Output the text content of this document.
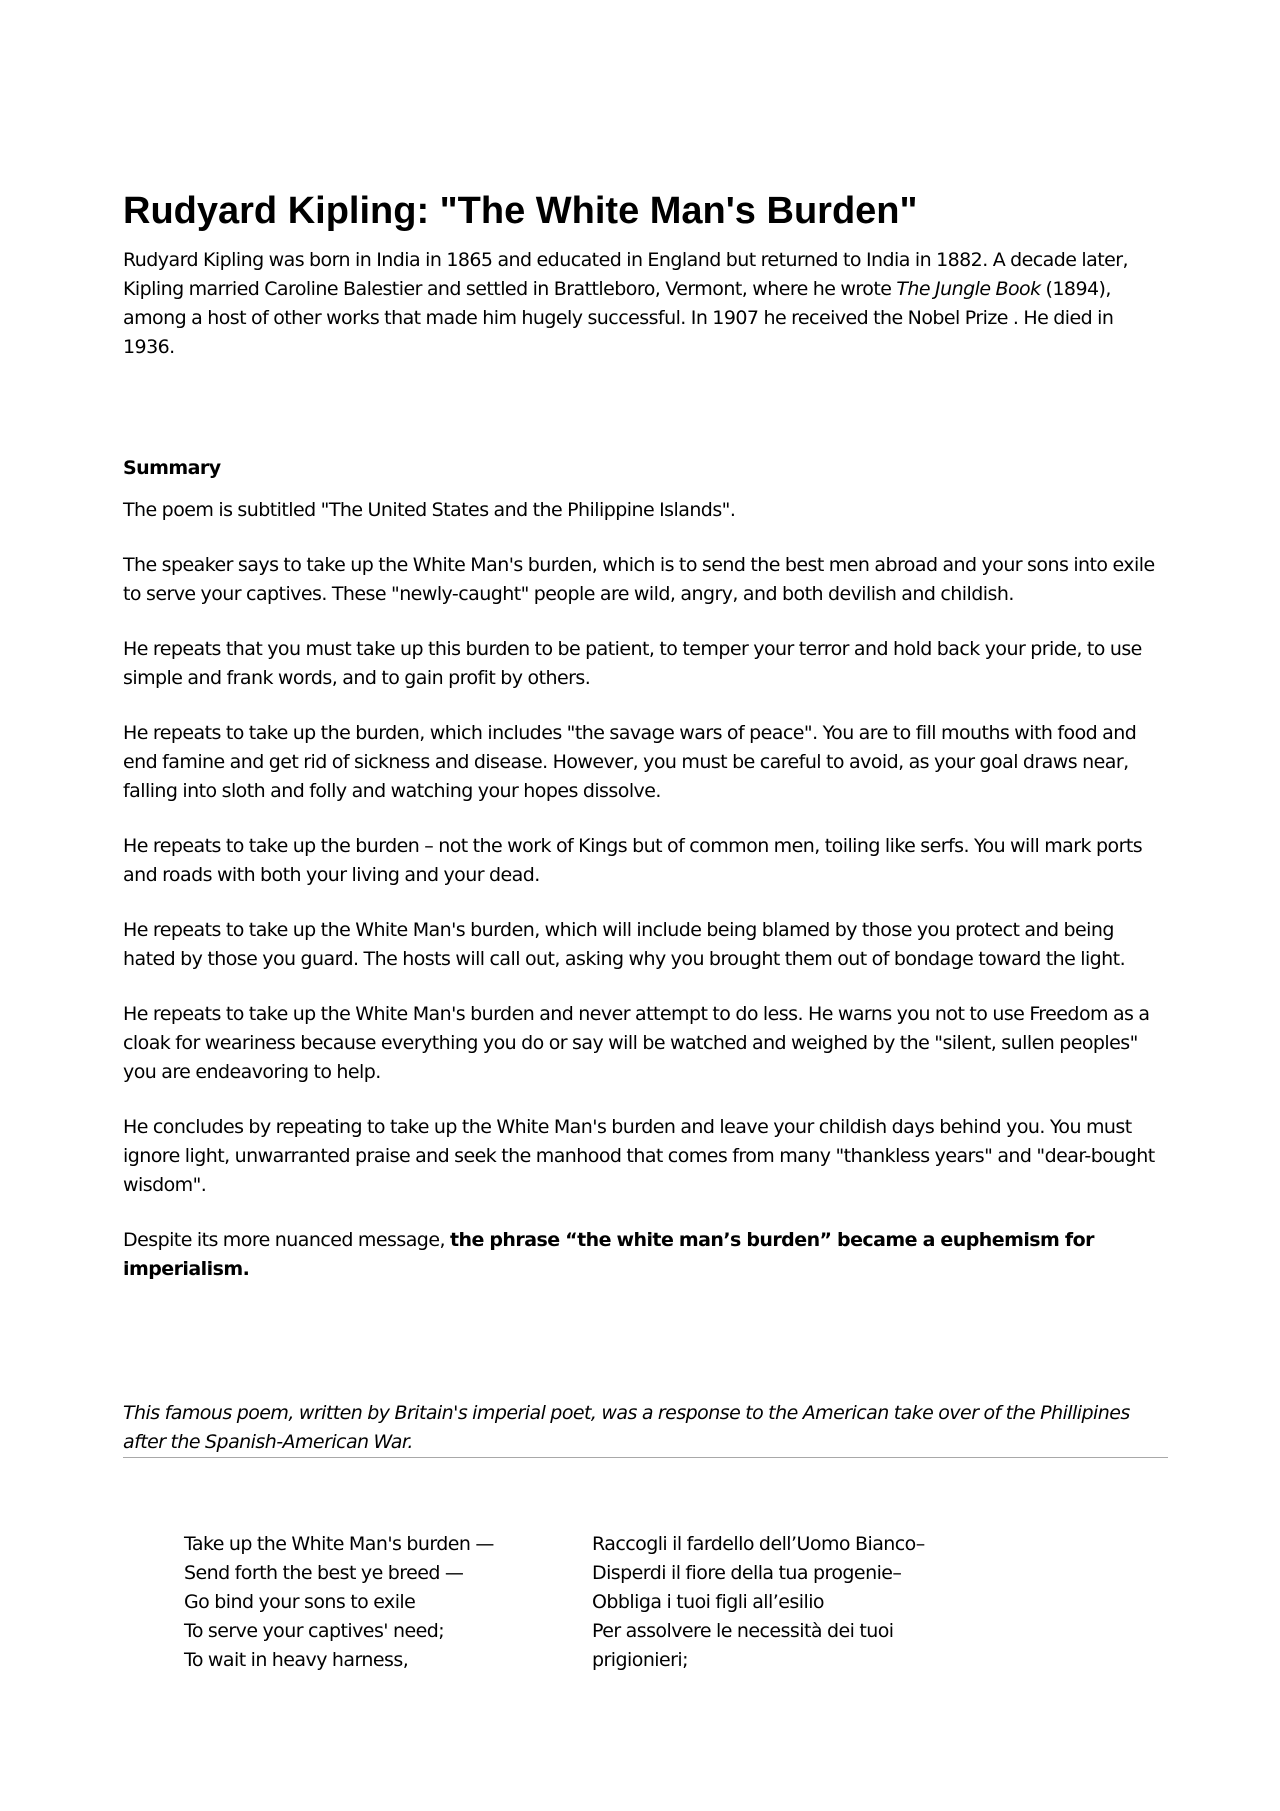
Rudyard Kipling: "The White Man's Burden"

Rudyard Kipling was born in India in 1865 and educated in England but returned to India in 1882. A decade later, Kipling married Caroline Balestier and settled in Brattleboro, Vermont, where he wrote The Jungle Book (1894), among a host of other works that made him hugely successful. In 1907 he received the Nobel Prize . He died in 1936.

Summary

The poem is subtitled "The United States and the Philippine Islands".

The speaker says to take up the White Man's burden, which is to send the best men abroad and your sons into exile to serve your captives. These "newly-caught" people are wild, angry, and both devilish and childish.

He repeats that you must take up this burden to be patient, to temper your terror and hold back your pride, to use simple and frank words, and to gain profit by others.

He repeats to take up the burden, which includes "the savage wars of peace". You are to fill mouths with food and end famine and get rid of sickness and disease. However, you must be careful to avoid, as your goal draws near, falling into sloth and folly and watching your hopes dissolve.

He repeats to take up the burden – not the work of Kings but of common men, toiling like serfs. You will mark ports and roads with both your living and your dead.

He repeats to take up the White Man's burden, which will include being blamed by those you protect and being hated by those you guard. The hosts will call out, asking why you brought them out of bondage toward the light.

He repeats to take up the White Man's burden and never attempt to do less. He warns you not to use Freedom as a cloak for weariness because everything you do or say will be watched and weighed by the "silent, sullen peoples" you are endeavoring to help.

He concludes by repeating to take up the White Man's burden and leave your childish days behind you. You must ignore light, unwarranted praise and seek the manhood that comes from many "thankless years" and "dear-bought wisdom".

Despite its more nuanced message, the phrase “the white man’s burden” became a euphemism for imperialism.

This famous poem, written by Britain's imperial poet, was a response to the American take over of the Phillipines after the Spanish-American War.

Take up the White Man's burden —
Send forth the best ye breed —
Go bind your sons to exile
To serve your captives' need;
To wait in heavy harness,
Raccogli il fardello dell’Uomo Bianco–
Disperdi il fiore della tua progenie–
Obbliga i tuoi figli all’esilio
Per assolvere le necessità dei tuoi
prigionieri;
